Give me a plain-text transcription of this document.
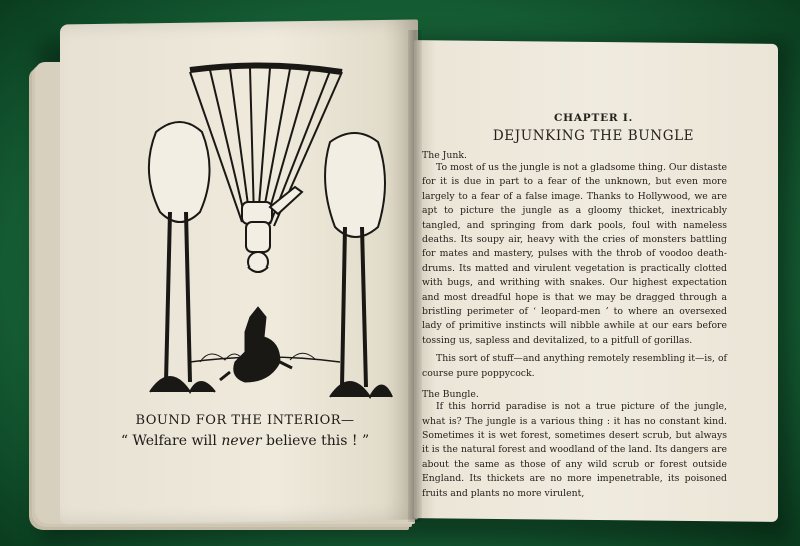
BOUND FOR THE INTERIOR—
“ Welfare will never believe this ! ”
CHAPTER I.
DEJUNKING THE BUNGLE
The Junk.

To most of us the jungle is not a gladsome thing. Our distaste for it is due in part to a fear of the unknown, but even more largely to a fear of a false image. Thanks to Hollywood, we are apt to picture the jungle as a gloomy thicket, inextricably tangled, and springing from dark pools, foul with nameless deaths. Its soupy air, heavy with the cries of monsters battling for mates and mastery, pulses with the throb of voodoo death-drums. Its matted and virulent vegetation is practically clotted with bugs, and writhing with snakes. Our highest expectation and most dreadful hope is that we may be dragged through a bristling perimeter of ‘ leopard-men ’ to where an oversexed lady of primitive instincts will nibble awhile at our ears before tossing us, sapless and devitalized, to a pitfull of gorillas.

This sort of stuff—and anything remotely resembling it—is, of course pure poppycock.

The Bungle.

If this horrid paradise is not a true picture of the jungle, what is? The jungle is a various thing : it has no constant kind. Sometimes it is wet forest, sometimes desert scrub, but always it is the natural forest and woodland of the land. Its dangers are about the same as those of any wild scrub or forest outside England. Its thickets are no more impenetrable, its poisoned fruits and plants no more virulent,
